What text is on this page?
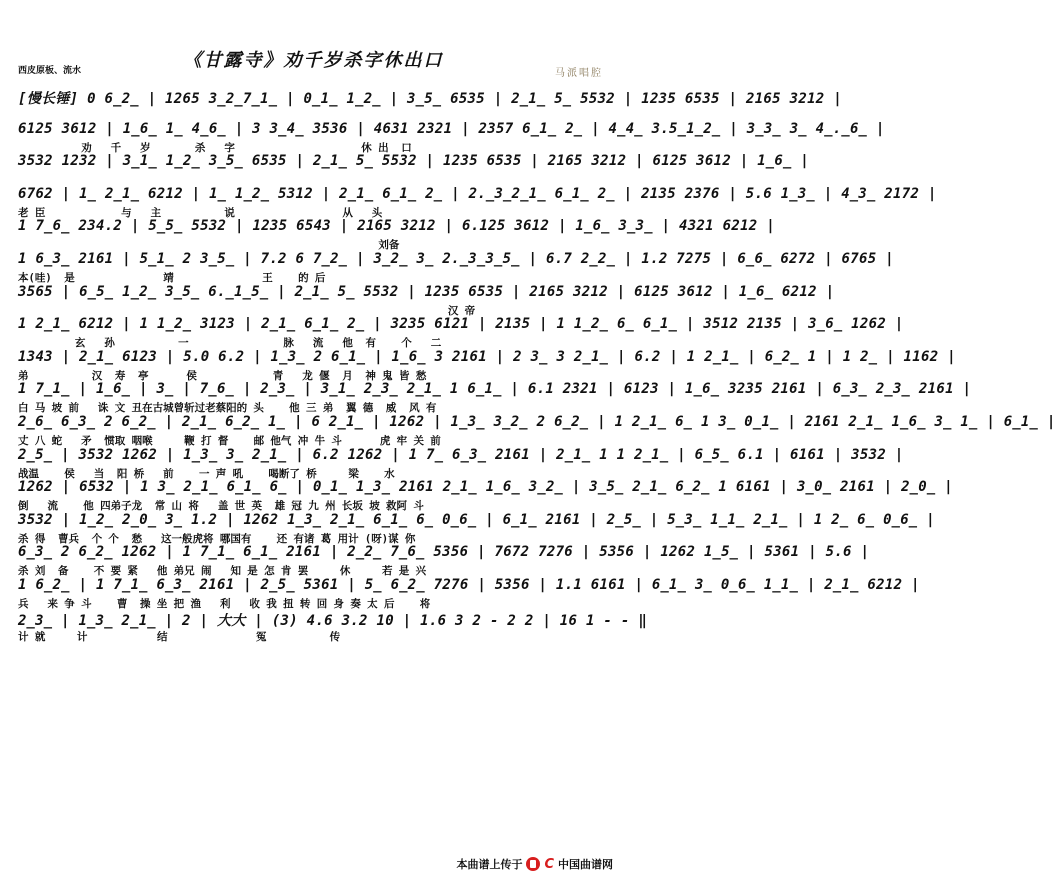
《甘露寺》劝千岁杀字休出口
西皮原板、流水	马派唱腔
[慢长锤] 0 6̲2̲ | 1265 3̲2̲7̲1̲ | 0̲1̲ 1̲2̲ | 3̲5̲ 6535 | 2̲1̲ 5̲ 5532 | 1235 6535 | 2165 3212 |
6125 3612 | 1̲6̲ 1̲ 4̲6̲ | 3 3̲4̲ 3536 | 4631 2321 | 2357 6̲1̲ 2̲ | 4̲4̲ 3.5̲1̲2̲ | 3̲3̲ 3̲ 4̲.̲6̲ |
劝   千   岁       杀   字                    休 出  口
3532 1232 | 3̲1̲ 1̲2̲ 3̲5̲ 6535 | 2̲1̲ 5̲ 5532 | 1235 6535 | 2165 3212 | 6125 3612 | 1̲6̲ |
6762 | 1̲ 2̲1̲ 6212 | 1̲ 1̲2̲ 5312 | 2̲1̲ 6̲1̲ 2̲ | 2.̲3̲2̲1̲ 6̲1̲ 2̲ | 2135 2376 | 5.6 1̲3̲ | 4̲3̲ 2172 |
老 臣            与   主          说                 从   头
1 7̲6̲ 234.2 | 5̲5̲ 5532 | 1235 6543 | 2165 3212 | 6.125 3612 | 1̲6̲ 3̲3̲ | 4321 6212 |
刘备
1 6̲3̲ 2161 | 5̲1̲ 2 3̲5̲ | 7.2 6 7̲2̲ | 3̲2̲ 3̲ 2.̲3̲3̲5̲ | 6.7 2̲2̲ | 1.2 7275 | 6̲6̲ 6272 | 6765 |
本(哇)  是              靖              王    的 后
3565 | 6̲5̲ 1̲2̲ 3̲5̲ 6.̲1̲5̲ | 2̲1̲ 5̲ 5532 | 1235 6535 | 2165 3212 | 6125 3612 | 1̲6̲ 6212 |
汉 帝
1 2̲1̲ 6212 | 1 1̲2̲ 3123 | 2̲1̲ 6̲1̲ 2̲ | 3235 6121 | 2135 | 1 1̲2̲ 6̲ 6̲1̲ | 3512 2135 | 3̲6̲ 1262 |
玄   孙          一               脉   流   他  有    个   二
1343 | 2̲1̲ 6123 | 5.0 6.2 | 1̲3̲ 2 6̲1̲ | 1̲6̲ 3 2161 | 2 3̲ 3 2̲1̲ | 6.2 | 1 2̲1̲ | 6̲2̲ 1 | 1 2̲ | 1162 |
弟          汉  寿  亭      侯            青   龙 偃  月  神 鬼 皆 愁
1 7̲1̲ | 1̲6̲ | 3̲ | 7̲6̲ | 2̲3̲ | 3̲1̲ 2̲3̲ 2̲1̲ 1 6̲1̲ | 6.1 2321 | 6123 | 1̲6̲ 3235 2161 | 6̲3̲ 2̲3̲ 2161 |
白 马 坡 前   诛 文 丑在古城曾斩过老蔡阳的 头    他 三 弟  翼 德  威  风 有
2̲6̲ 6̲3̲ 2 6̲2̲ | 2̲1̲ 6̲2̲ 1̲ | 6 2̲1̲ | 1262 | 1̲3̲ 3̲2̲ 2 6̲2̲ | 1 2̲1̲ 6̲ 1 3̲ 0̲1̲ | 2161 2̲1̲ 1̲6̲ 3̲ 1̲ | 6̲1̲ |
丈 八 蛇   矛  惯取 咽喉     鞭 打 督    邮 他气 冲 牛 斗      虎 牢 关 前
2̲5̲ | 3532 1262 | 1̲3̲ 3̲ 2̲1̲ | 6.2 1262 | 1 7̲ 6̲3̲ 2161 | 2̲1̲ 1 1 2̲1̲ | 6̲5̲ 6.1 | 6161 | 3532 |
战温    侯   当  阳 桥   前    一 声 吼    喝断了 桥     梁    水
1262 | 6532 | 1 3̲ 2̲1̲ 6̲1̲ 6̲ | 0̲1̲ 1̲3̲ 2161 2̲1̲ 1̲6̲ 3̲2̲ | 3̲5̲ 2̲1̲ 6̲2̲ 1 6161 | 3̲0̲ 2161 | 2̲0̲ |
倒   流    他 四弟子龙  常 山 将   盖 世 英  雄 冠 九 州 长坂 坡 救阿 斗
3532 | 1̲2̲ 2̲0̲ 3̲ 1.2 | 1262 1̲3̲ 2̲1̲ 6̲1̲ 6̲ 0̲6̲ | 6̲1̲ 2161 | 2̲5̲ | 5̲3̲ 1̲1̲ 2̲1̲ | 1 2̲ 6̲ 0̲6̲ |
杀 得  曹兵  个 个  愁   这一般虎将 哪国有    还 有诸 葛 用计 (呀)谋 你
6̲3̲ 2 6̲2̲ 1262 | 1 7̲1̲ 6̲1̲ 2161 | 2̲2̲ 7̲6̲ 5356 | 7672 7276 | 5356 | 1262 1̲5̲ | 5361 | 5.6 |
杀 刘  备    不 要 紧   他 弟兄 闹   知 是 怎 肯 罢     休     若 是 兴
1 6̲2̲ | 1 7̲1̲ 6̲3̲ 2161 | 2̲5̲ 5361 | 5̲ 6̲2̲ 7276 | 5356 | 1.1 6161 | 6̲1̲ 3̲ 0̲6̲ 1̲1̲ | 2̲1̲ 6212 |
兵   来 争 斗    曹  操 坐 把 渔   利   收 我 扭 转 回 身 奏 太 后    将
2̲3̲ | 1̲3̲ 2̲1̲ | 2 | 大大 | (3) 4.6 3.2 10 | 1.6 3 2 - 2 2 | 16 1 - - ‖
计 就     计           结              冤          传
本曲谱上传于 C 中国曲谱网
